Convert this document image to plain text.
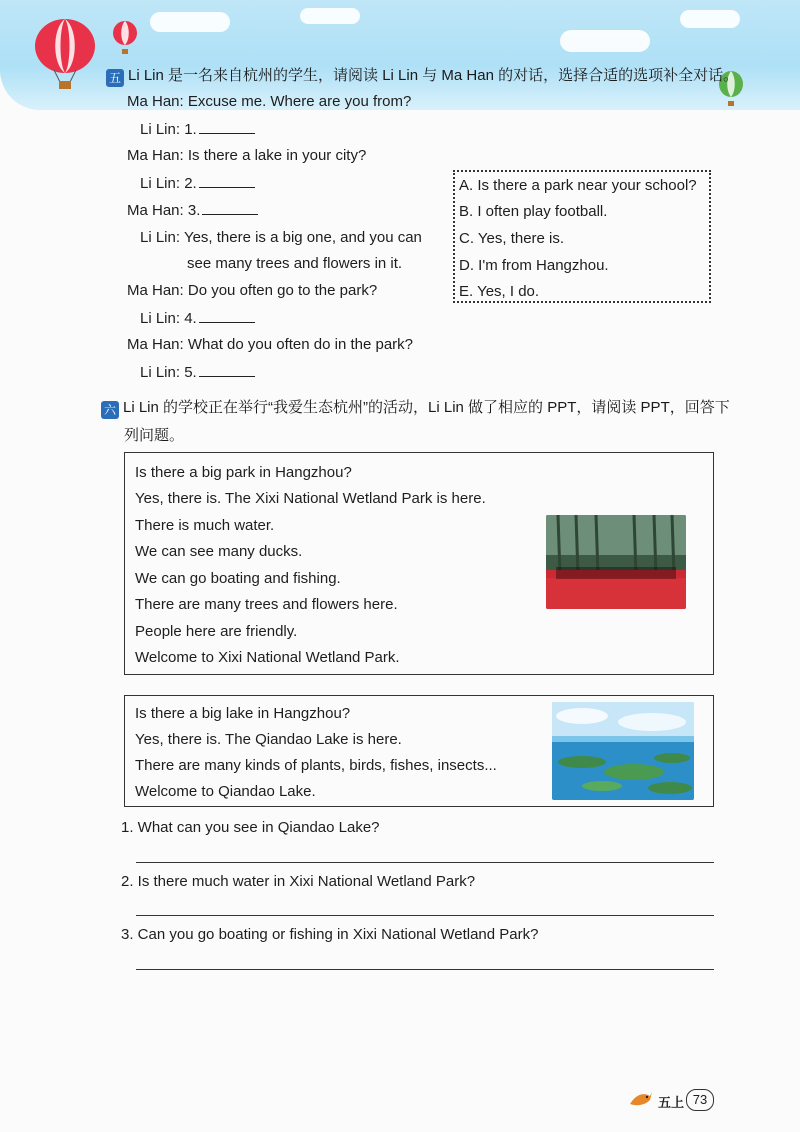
五 Li Lin 是一名来自杭州的学生，请阅读 Li Lin 与 Ma Han 的对话，选择合适的选项补全对话。
Ma Han: Excuse me. Where are you from?
Li Lin: 1.
Ma Han: Is there a lake in your city?
Li Lin: 2.
Ma Han: 3.
Li Lin: Yes, there is a big one, and you can
see many trees and flowers in it.
Ma Han: Do you often go to the park?
Li Lin: 4.
Ma Han: What do you often do in the park?
Li Lin: 5.
A. Is there a park near your school?
B. I often play football.
C. Yes, there is.
D. I'm from Hangzhou.
E. Yes, I do.
六 Li Lin 的学校正在举行“我爱生态杭州”的活动，Li Lin 做了相应的 PPT，请阅读 PPT，回答下
列问题。
Is there a big park in Hangzhou?
Yes, there is. The Xixi National Wetland Park is here.
There is much water.
We can see many ducks.
We can go boating and fishing.
There are many trees and flowers here.
People here are friendly.
Welcome to Xixi National Wetland Park.
Is there a big lake in Hangzhou?
Yes, there is. The Qiandao Lake is here.
There are many kinds of plants, birds, fishes, insects...
Welcome to Qiandao Lake.
1. What can you see in Qiandao Lake?
2. Is there much water in Xixi National Wetland Park?
3. Can you go boating or fishing in Xixi National Wetland Park?
五上 73
